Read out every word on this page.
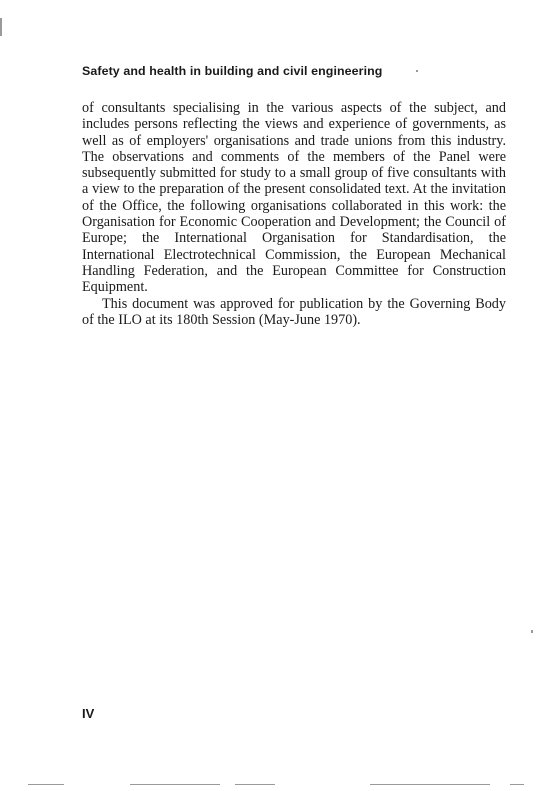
Safety and health in building and civil engineering

of consultants specialising in the various aspects of the subject, and includes persons reflecting the views and experience of governments, as well as of employers' organisations and trade unions from this industry. The observations and comments of the members of the Panel were subsequently submitted for study to a small group of five consultants with a view to the preparation of the present consolidated text. At the invitation of the Office, the following organisations collaborated in this work: the Organisation for Economic Cooperation and Development; the Council of Europe; the International Organisation for Standardisation, the International Electrotechnical Commission, the European Mechanical Handling Federation, and the European Committee for Construction Equipment.

This document was approved for publication by the Governing Body of the ILO at its 180th Session (May-June 1970).

IV
